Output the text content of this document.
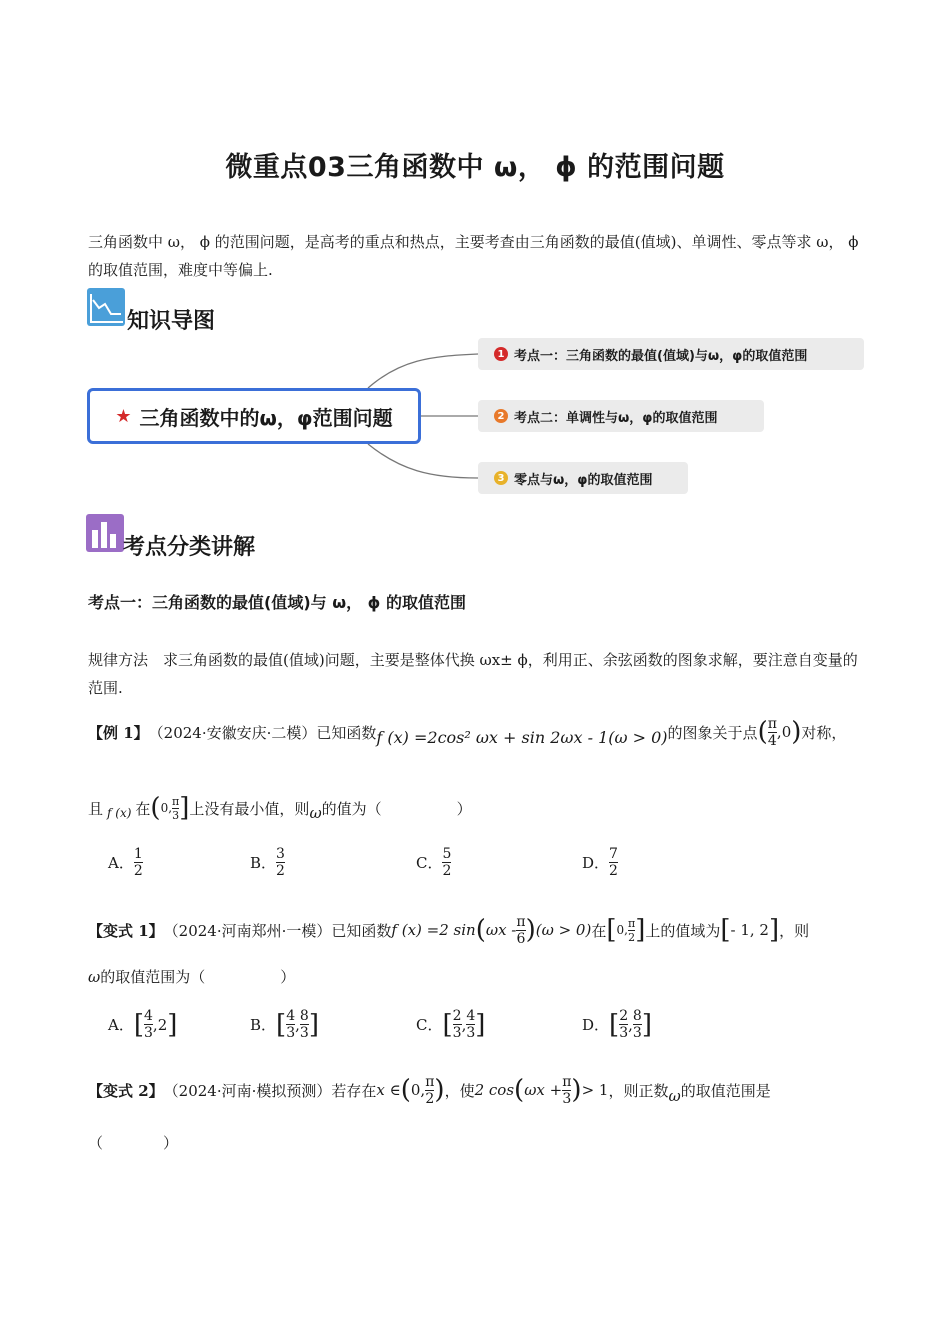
微重点03三角函数中 ω， ϕ 的范围问题
三角函数中 ω， ϕ 的范围问题，是高考的重点和热点，主要考查由三角函数的最值(值域)、单调性、零点等求 ω， ϕ 的取值范围，难度中等偏上.
知识导图
★ 三角函数中的ω，φ范围问题
1 考点一：三角函数的最值(值域)与ω，φ的取值范围
2 考点二：单调性与ω，φ的取值范围
3 零点与ω，φ的取值范围
考点分类讲解
考点一：三角函数的最值(值域)与 ω， ϕ 的取值范围
规律方法　求三角函数的最值(值域)问题，主要是整体代换 ωx± ϕ，利用正、余弦函数的图象求解，要注意自变量的范围.
【例 1】 （2024·安徽安庆·二模）已知函数 f (x) =2cos² ωx + sin 2ωx - 1(ω > 0) 的图象关于点 ( $\frac{\pi}{4} ,0$ ) 对称，
且 f (x) 在 ( 0, $\frac{\pi}{3}$ ] 上没有最小值，则 ω 的值为（　　　　　）
A． $\frac{1}{2}$	B． $\frac{3}{2}$	C． $\frac{5}{2}$	D． $\frac{7}{2}$
【变式 1】 （2024·河南郑州·一模）已知函数 f (x) =2 sin ( ωx - $\frac{\pi}{6}$ ) (ω > 0) 在 [ 0, $\frac{\pi}{2}$ ] 上的值域为 [ - 1, 2 ] ，则
ω 的取值范围为（　　　　　）
A． [ $\frac{4}{3} ,2$ ]	B． [ $\frac{4}{3}$ , $\frac{8}{3}$ ]	C． [ $\frac{2}{3}$ , $\frac{4}{3}$ ]	D． [ $\frac{2}{3}$ , $\frac{8}{3}$ ]
【变式 2】 （2024·河南·模拟预测）若存在 x ∈ ( 0, $\frac{\pi}{2}$ ) ，使 2 cos ( $\omega x + \frac{\pi}{3}$ ) > 1 ，则正数 ω 的取值范围是
（　　　　）
